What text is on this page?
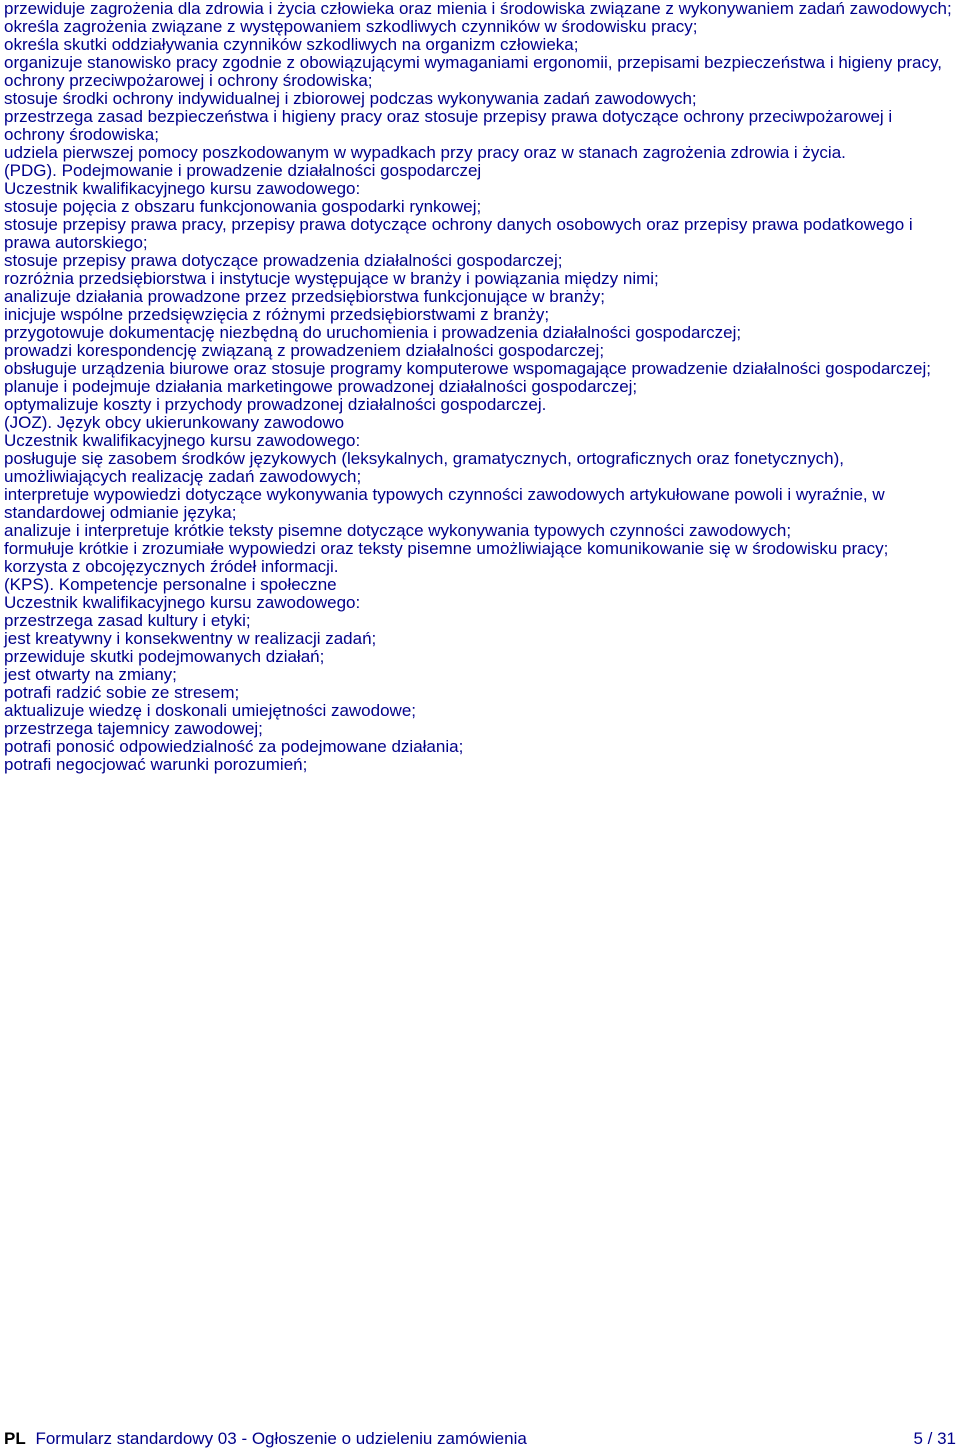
przewiduje zagrożenia dla zdrowia i życia człowieka oraz mienia i środowiska związane z wykonywaniem zadań zawodowych;

określa zagrożenia związane z występowaniem szkodliwych czynników w środowisku pracy;

określa skutki oddziaływania czynników szkodliwych na organizm człowieka;

organizuje stanowisko pracy zgodnie z obowiązującymi wymaganiami ergonomii, przepisami bezpieczeństwa i higieny pracy, ochrony przeciwpożarowej i ochrony środowiska;

stosuje środki ochrony indywidualnej i zbiorowej podczas wykonywania zadań zawodowych;

przestrzega zasad bezpieczeństwa i higieny pracy oraz stosuje przepisy prawa dotyczące ochrony przeciwpożarowej i ochrony środowiska;

udziela pierwszej pomocy poszkodowanym w wypadkach przy pracy oraz w stanach zagrożenia zdrowia i życia.

(PDG). Podejmowanie i prowadzenie działalności gospodarczej

Uczestnik kwalifikacyjnego kursu zawodowego:

stosuje pojęcia z obszaru funkcjonowania gospodarki rynkowej;

stosuje przepisy prawa pracy, przepisy prawa dotyczące ochrony danych osobowych oraz przepisy prawa podatkowego i prawa autorskiego;

stosuje przepisy prawa dotyczące prowadzenia działalności gospodarczej;

rozróżnia przedsiębiorstwa i instytucje występujące w branży i powiązania między nimi;

analizuje działania prowadzone przez przedsiębiorstwa funkcjonujące w branży;

inicjuje wspólne przedsięwzięcia z różnymi przedsiębiorstwami z branży;

przygotowuje dokumentację niezbędną do uruchomienia i prowadzenia działalności gospodarczej;

prowadzi korespondencję związaną z prowadzeniem działalności gospodarczej;

obsługuje urządzenia biurowe oraz stosuje programy komputerowe wspomagające prowadzenie działalności gospodarczej;

planuje i podejmuje działania marketingowe prowadzonej działalności gospodarczej;

optymalizuje koszty i przychody prowadzonej działalności gospodarczej.

(JOZ). Język obcy ukierunkowany zawodowo

Uczestnik kwalifikacyjnego kursu zawodowego:

posługuje się zasobem środków językowych (leksykalnych, gramatycznych, ortograficznych oraz fonetycznych), umożliwiających realizację zadań zawodowych;

interpretuje wypowiedzi dotyczące wykonywania typowych czynności zawodowych artykułowane powoli i wyraźnie, w standardowej odmianie języka;

analizuje i interpretuje krótkie teksty pisemne dotyczące wykonywania typowych czynności zawodowych;

formułuje krótkie i zrozumiałe wypowiedzi oraz teksty pisemne umożliwiające komunikowanie się w środowisku pracy;

korzysta z obcojęzycznych źródeł informacji.

(KPS). Kompetencje personalne i społeczne

Uczestnik kwalifikacyjnego kursu zawodowego:

przestrzega zasad kultury i etyki;

jest kreatywny i konsekwentny w realizacji zadań;

przewiduje skutki podejmowanych działań;

jest otwarty na zmiany;

potrafi radzić sobie ze stresem;

aktualizuje wiedzę i doskonali umiejętności zawodowe;

przestrzega tajemnicy zawodowej;

potrafi ponosić odpowiedzialność za podejmowane działania;

potrafi negocjować warunki porozumień;

PL Formularz standardowy 03 - Ogłoszenie o udzieleniu zamówienia	5 / 31
